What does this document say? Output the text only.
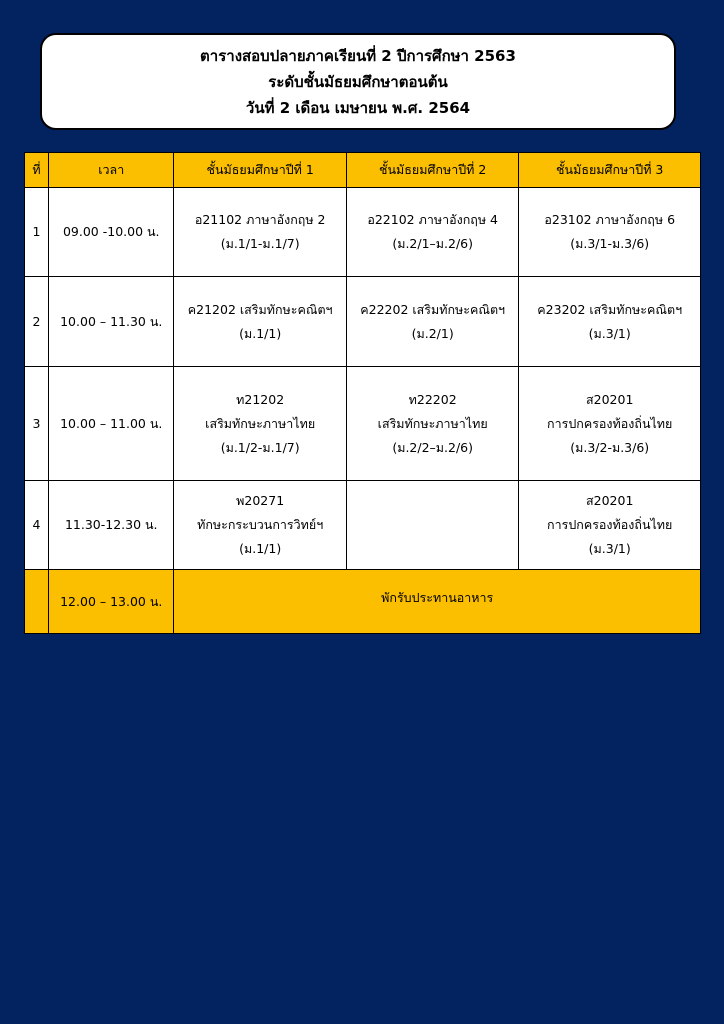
ตารางสอบปลายภาคเรียนที่ 2 ปีการศึกษา 2563
ระดับชั้นมัธยมศึกษาตอนต้น
วันที่ 2 เดือน เมษายน พ.ศ. 2564
ที่	เวลา	ชั้นมัธยมศึกษาปีที่ 1	ชั้นมัธยมศึกษาปีที่ 2	ชั้นมัธยมศึกษาปีที่ 3
1	09.00 -10.00 น.	อ21102 ภาษาอังกฤษ 2
(ม.1/1-ม.1/7)	อ22102 ภาษาอังกฤษ 4
(ม.2/1–ม.2/6)	อ23102 ภาษาอังกฤษ 6
(ม.3/1-ม.3/6)

2	10.00 – 11.30 น.	ค21202 เสริมทักษะคณิตฯ
(ม.1/1)	ค22202 เสริมทักษะคณิตฯ
(ม.2/1)	ค23202 เสริมทักษะคณิตฯ
(ม.3/1)

3	10.00 – 11.00 น.	ท21202
เสริมทักษะภาษาไทย
(ม.1/2-ม.1/7)	ท22202
เสริมทักษะภาษาไทย
(ม.2/2–ม.2/6)	ส20201
การปกครองท้องถิ่นไทย
(ม.3/2-ม.3/6)

4	11.30-12.30 น.	พ20271
ทักษะกระบวนการวิทย์ฯ
(ม.1/1)		ส20201
การปกครองท้องถิ่นไทย
(ม.3/1)

	12.00 – 13.00 น.	พักรับประทานอาหาร		
